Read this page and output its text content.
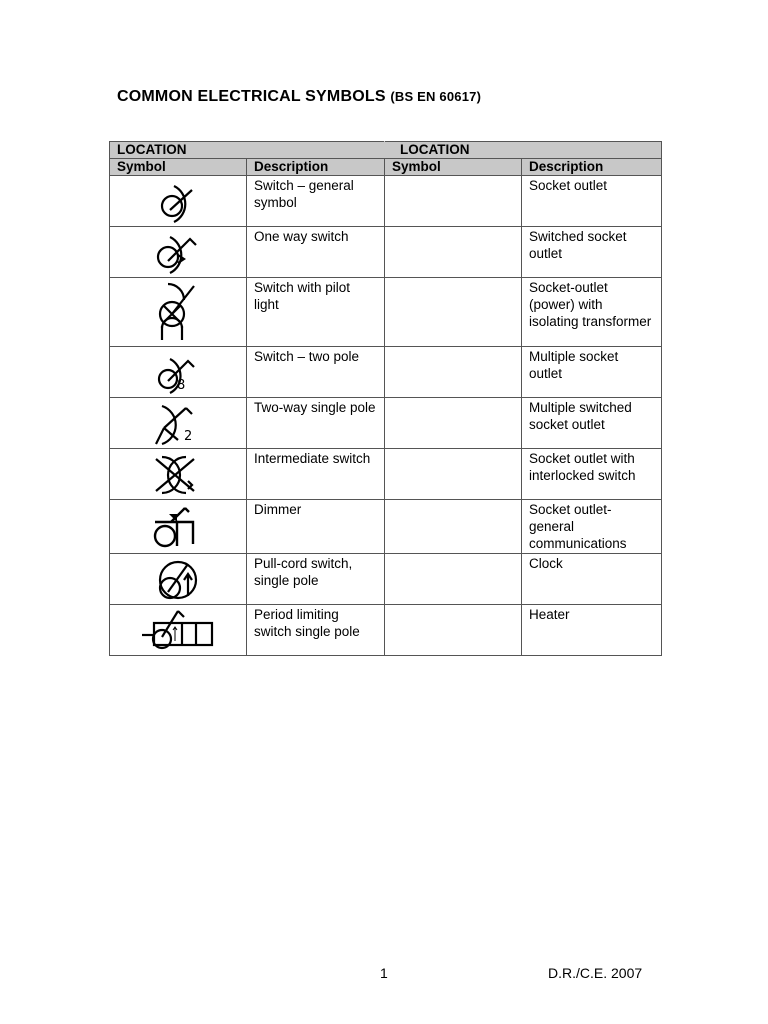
COMMON ELECTRICAL SYMBOLS (BS EN 60617)
LOCATION		LOCATION	
Symbol	Description	Symbol	Description

	Switch – general symbol		Socket outlet

	One way switch		Switched socket outlet

	Switch with pilot light		Socket-outlet (power) with isolating transformer

8	Switch – two pole		Multiple socket outlet

2	Two-way single pole		Multiple switched socket outlet

	Intermediate switch		Socket outlet with interlocked switch

	Dimmer		Socket outlet- general communications

	Pull-cord switch, single pole		Clock

	Period limiting switch single pole		Heater
1	D.R./C.E. 2007
